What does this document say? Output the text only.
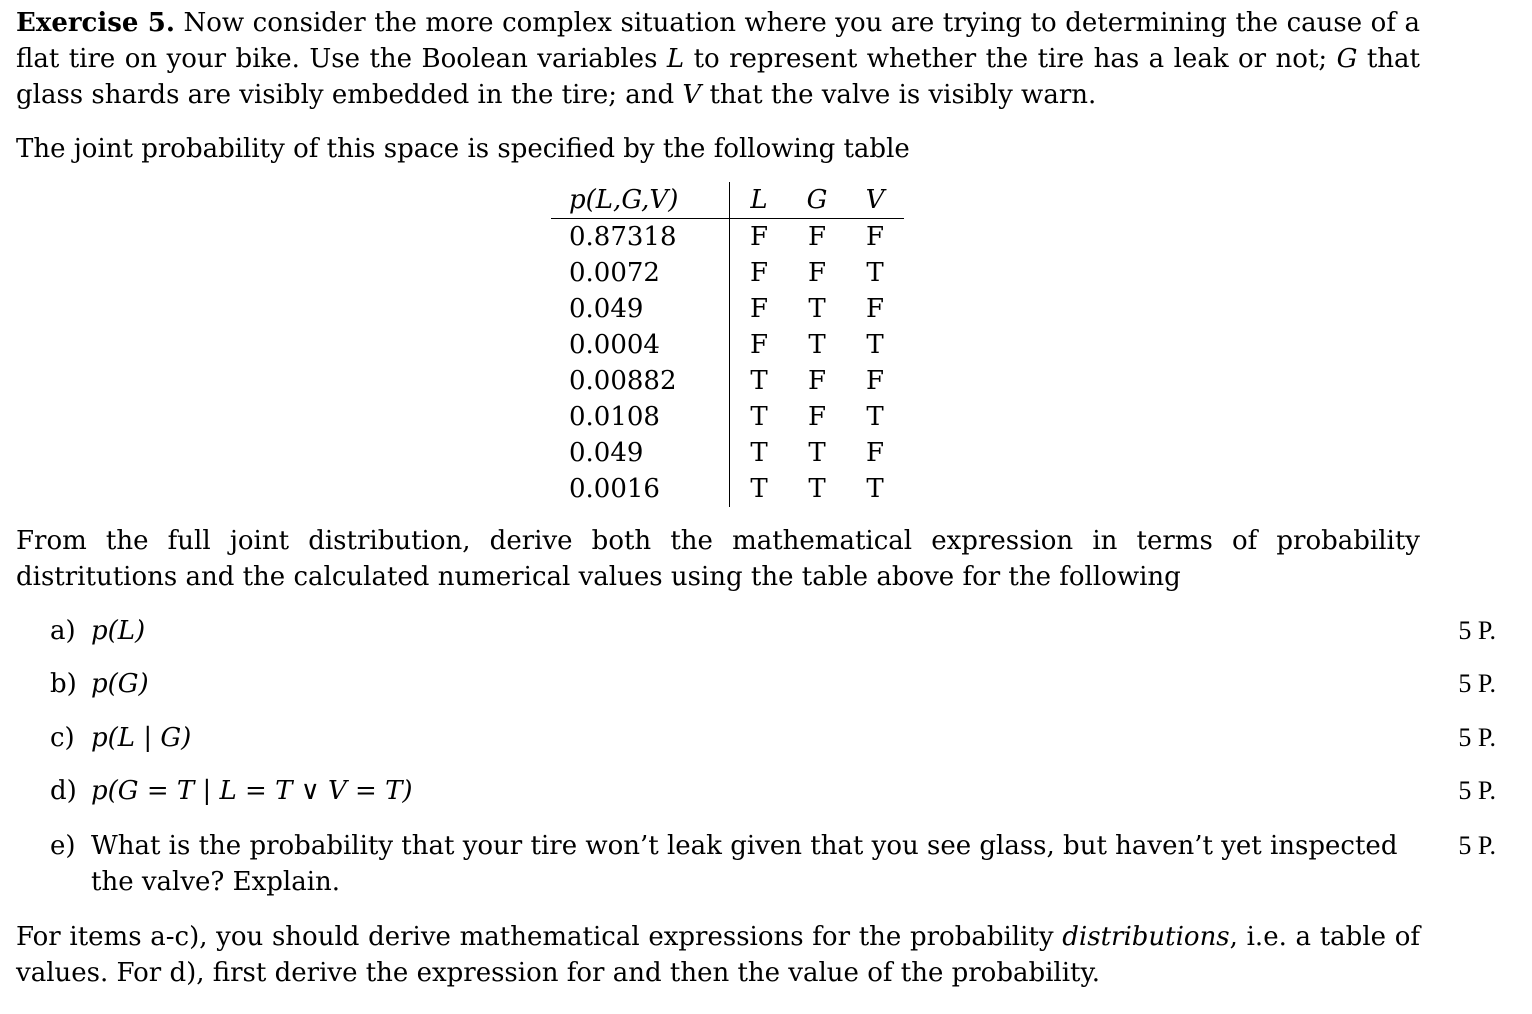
Exercise 5. Now consider the more complex situation where you are trying to determining the cause of a flat tire on your bike. Use the Boolean variables L to represent whether the tire has a leak or not; G that glass shards are visibly embedded in the tire; and V that the valve is visibly warn.

The joint probability of this space is specified by the following table

p(L,G,V)	L	G	V
0.87318	F	F	F
0.0072	F	F	T
0.049	F	T	F
0.0004	F	T	T
0.00882	T	F	F
0.0108	T	F	T
0.049	T	T	F
0.0016	T	T	T

From the full joint distribution, derive both the mathematical expression in terms of probability distritutions and the calculated numerical values using the table above for the following

a) p(L)	5 P.
b) p(G)	5 P.
c) p(L | G)	5 P.
d) p(G = T | L = T ∨ V = T)	5 P.
e) What is the probability that your tire won’t leak given that you see glass, but haven’t yet inspected the valve? Explain.
5 P.

For items a-c), you should derive mathematical expressions for the probability distributions, i.e. a table of values. For d), first derive the expression for and then the value of the probability.
